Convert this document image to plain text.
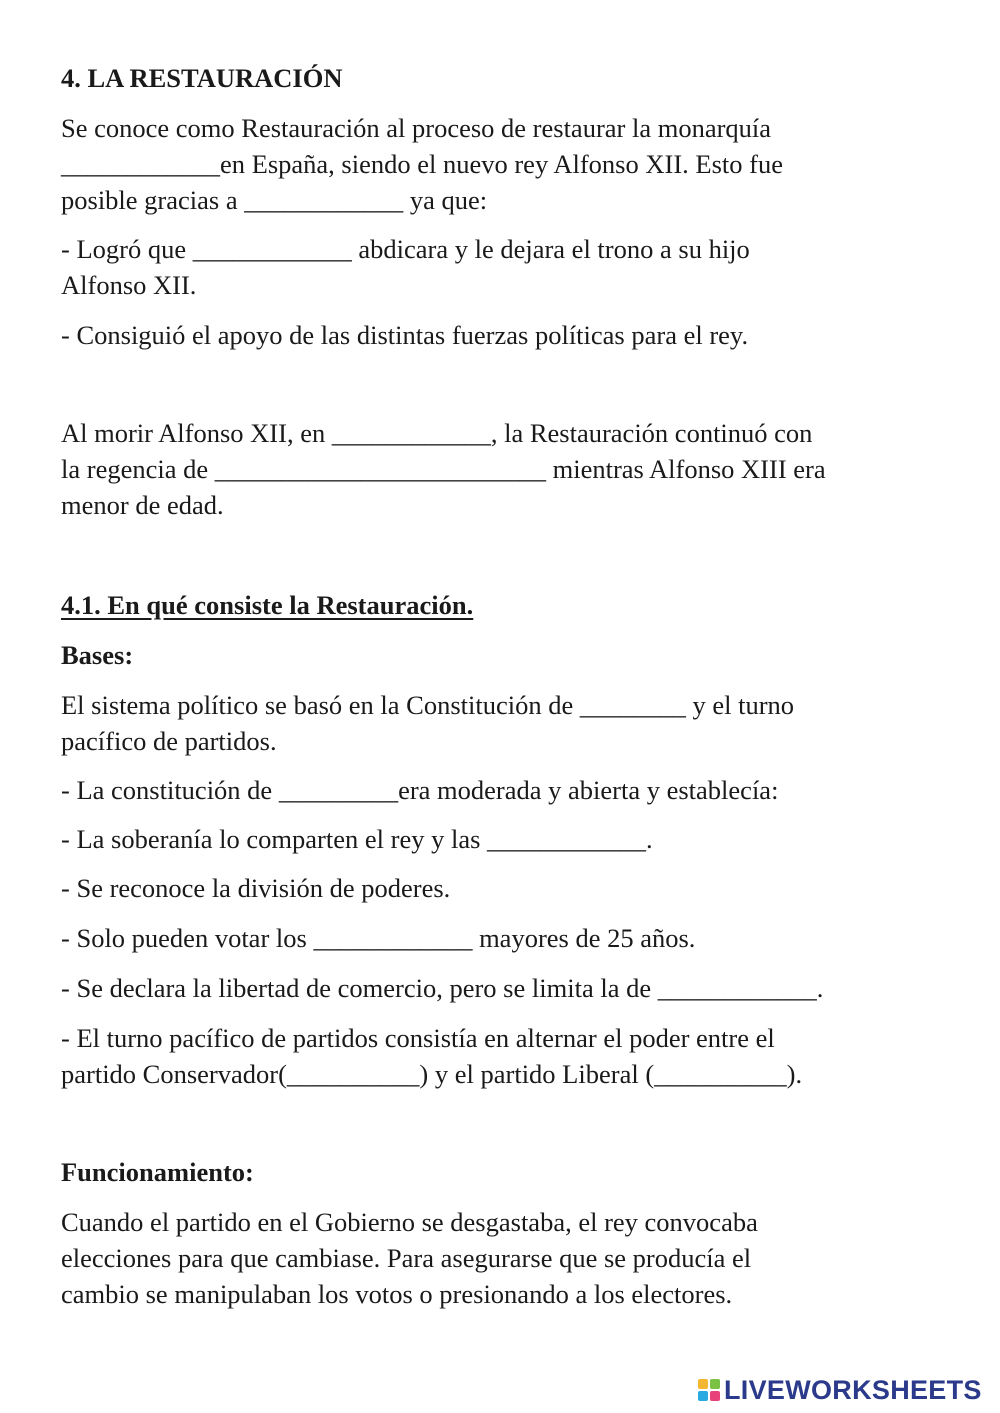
4. LA RESTAURACIÓN
Se conoce como Restauración al proceso de restaurar la monarquía
____________en España, siendo el nuevo rey Alfonso XII. Esto fue
posible gracias a ____________ ya que:
- Logró que ____________ abdicara y le dejara el trono a su hijo
Alfonso XII.
- Consiguió el apoyo de las distintas fuerzas políticas para el rey.
Al morir Alfonso XII, en ____________, la Restauración continuó con
la regencia de _________________________ mientras Alfonso XIII era
menor de edad.
4.1. En qué consiste la Restauración.
Bases:
El sistema político se basó en la Constitución de ________ y el turno
pacífico de partidos.
- La constitución de _________era moderada y abierta y establecía:
- La soberanía lo comparten el rey y las ____________.
- Se reconoce la división de poderes.
- Solo pueden votar los ____________ mayores de 25 años.
- Se declara la libertad de comercio, pero se limita la de ____________.
- El turno pacífico de partidos consistía en alternar el poder entre el
partido Conservador(__________) y el partido Liberal (__________).
Funcionamiento:
Cuando el partido en el Gobierno se desgastaba, el rey convocaba
elecciones para que cambiase. Para asegurarse que se producía el
cambio se manipulaban los votos o presionando a los electores.
LIVEWORKSHEETS
